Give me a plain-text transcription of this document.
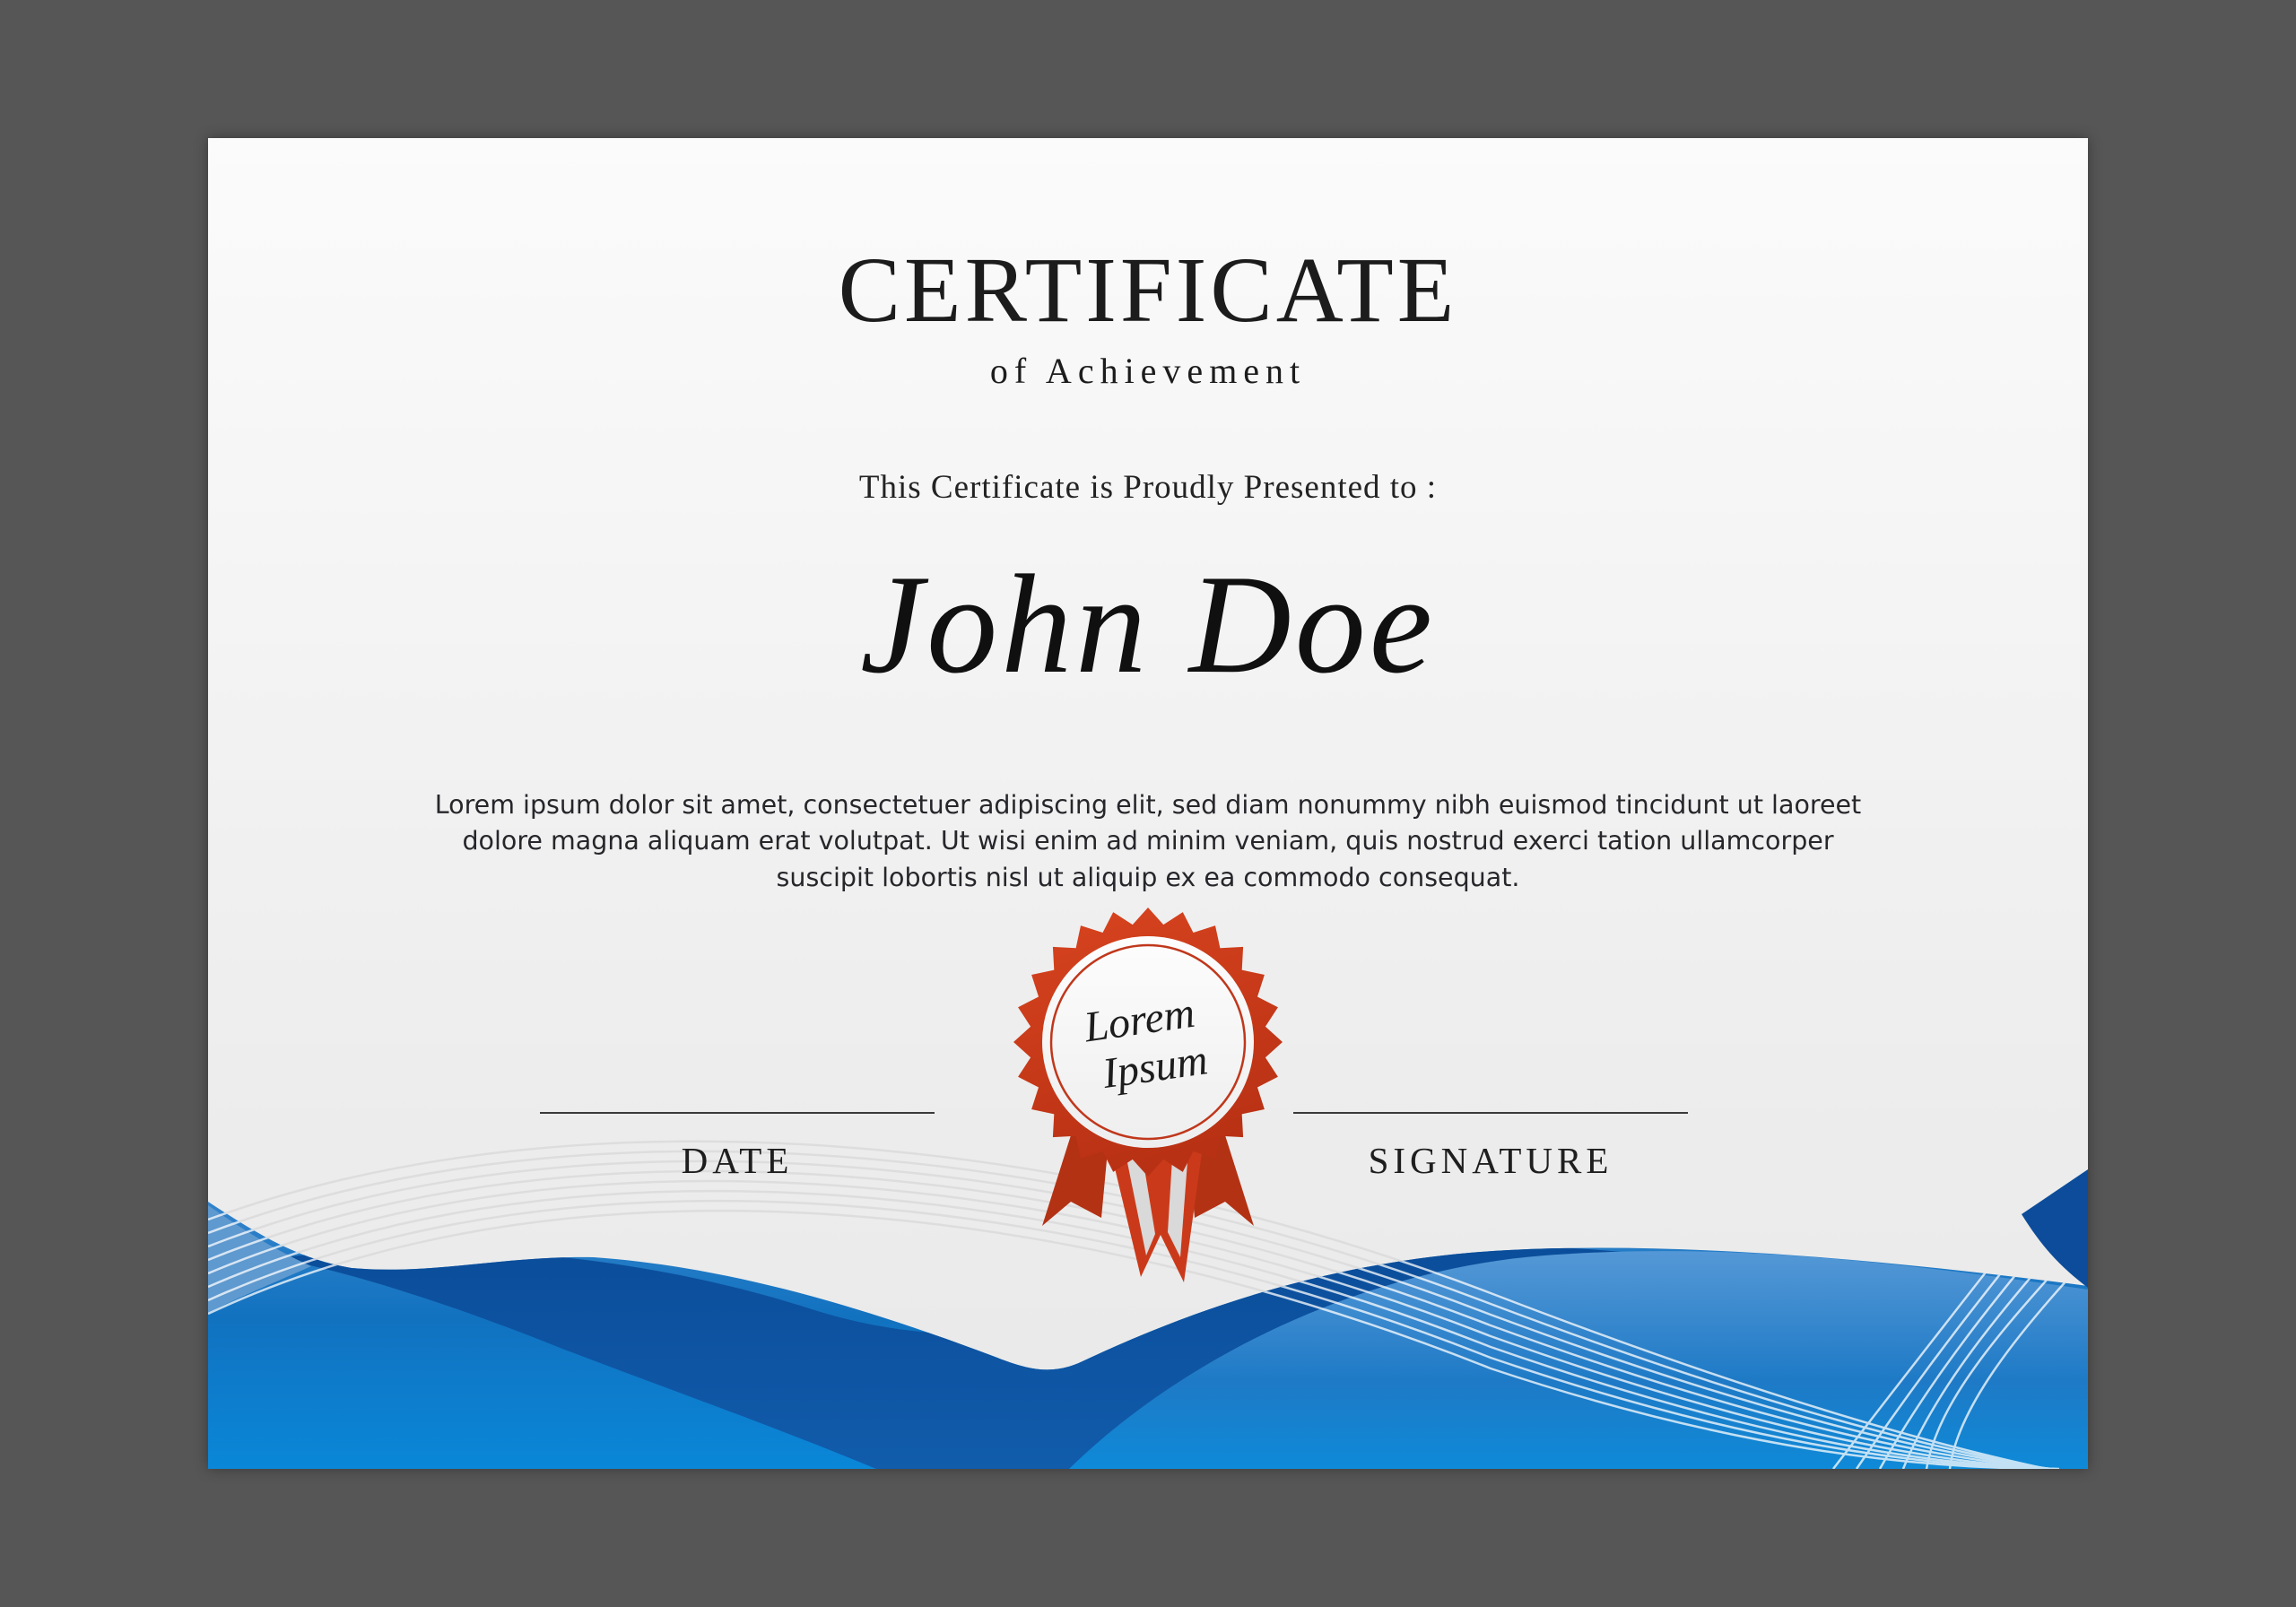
CERTIFICATE
of Achievement
This Certificate is Proudly Presented to :
John Doe
Lorem ipsum dolor sit amet, consectetuer adipiscing elit, sed diam nonummy nibh euismod tincidunt ut laoreet
dolore magna aliquam erat volutpat. Ut wisi enim ad minim veniam, quis nostrud exerci tation ullamcorper
suscipit lobortis nisl ut aliquip ex ea commodo consequat.
Lorem Ipsum
DATE	SIGNATURE
